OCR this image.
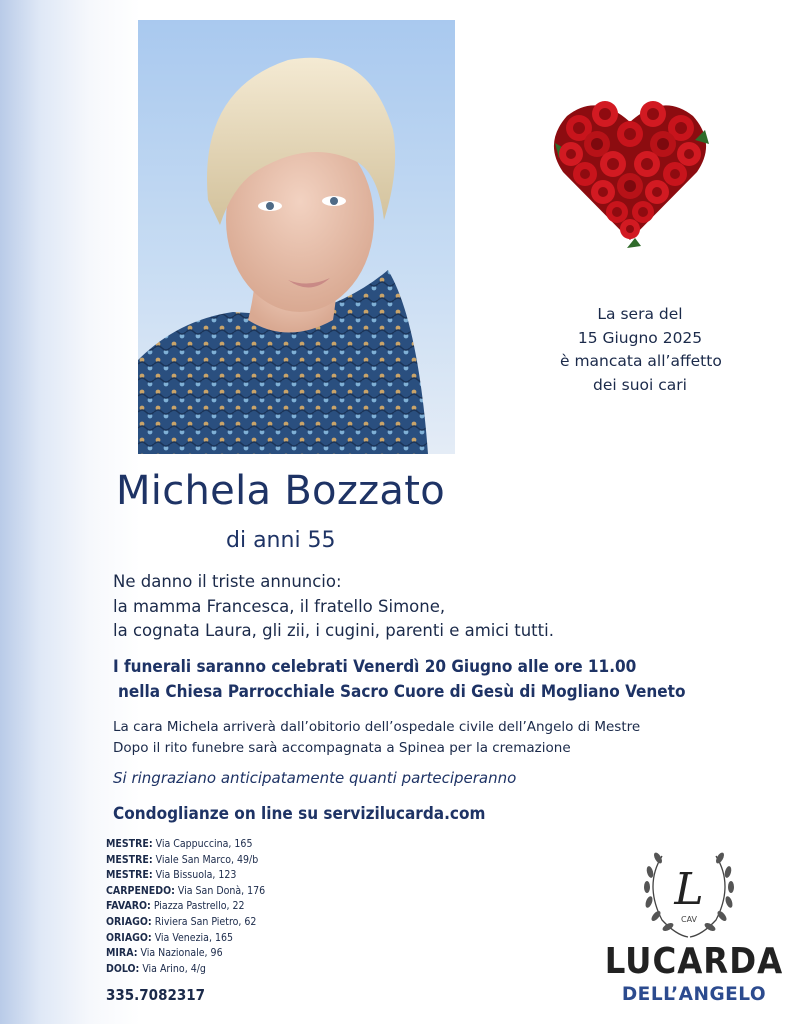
La sera del
15 Giugno 2025
è mancata all’affetto
dei suoi cari
Michela Bozzato
di anni 55
Ne danno il triste annuncio:
la mamma Francesca, il fratello Simone,
la cognata Laura, gli zii, i cugini, parenti e amici tutti.
I funerali saranno celebrati Venerdì 20 Giugno alle ore 11.00
nella Chiesa Parrocchiale Sacro Cuore di Gesù di Mogliano Veneto
La cara Michela arriverà dall’obitorio dell’ospedale civile dell’Angelo di Mestre
Dopo il rito funebre sarà accompagnata a Spinea per la cremazione
Si ringraziano anticipatamente quanti parteciperanno
Condoglianze on line su servizilucarda.com
MESTRE: Via Cappuccina, 165
MESTRE: Viale San Marco, 49/b
MESTRE: Via Bissuola, 123
CARPENEDO: Via San Donà, 176
FAVARO: Piazza Pastrello, 22
ORIAGO: Riviera San Pietro, 62
ORIAGO: Via Venezia, 165
MIRA: Via Nazionale, 96
DOLO: Via Arino, 4/g
335.7082317
L
CAV
LUCARDA
DELL’ANGELO
